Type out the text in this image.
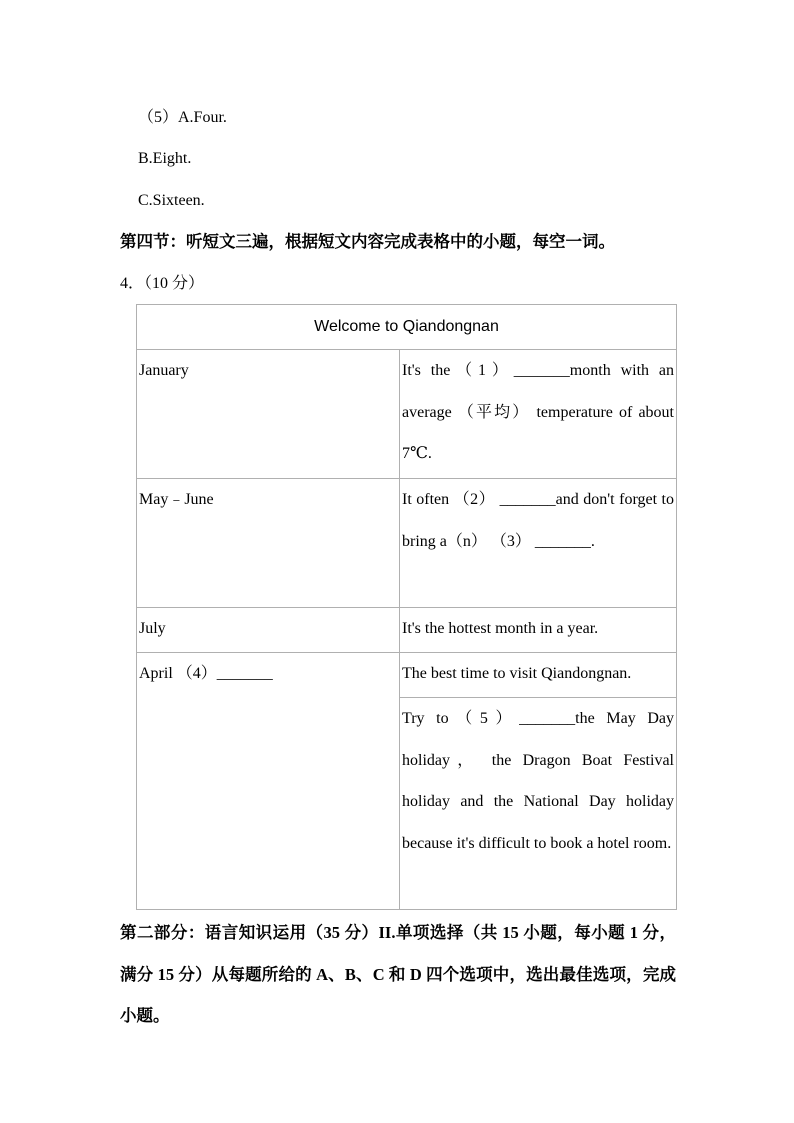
（5）A.Four.
B.Eight.
C.Sixteen.
第四节：听短文三遍，根据短文内容完成表格中的小题，每空一词。
4．（10 分）
Welcome to Qiandongnan	
January	It's the（1）_______month with an average （平均） temperature of about 7℃.
May﹣June	It often （2） _______and don't forget to bring a（n） （3） _______.
July	It's the hottest month in a year.
April （4）_______	The best time to visit Qiandongnan.
	Try to（5）_______the May Day holiday， the Dragon Boat Festival holiday and the National Day holiday because it's difficult to book a hotel room.
第二部分：语言知识运用（35 分）II.单项选择（共 15 小题，每小题 1 分， 满分 15 分）从每题所给的 A、B、C 和 D 四个选项中，选出最佳选项，完成小题。
